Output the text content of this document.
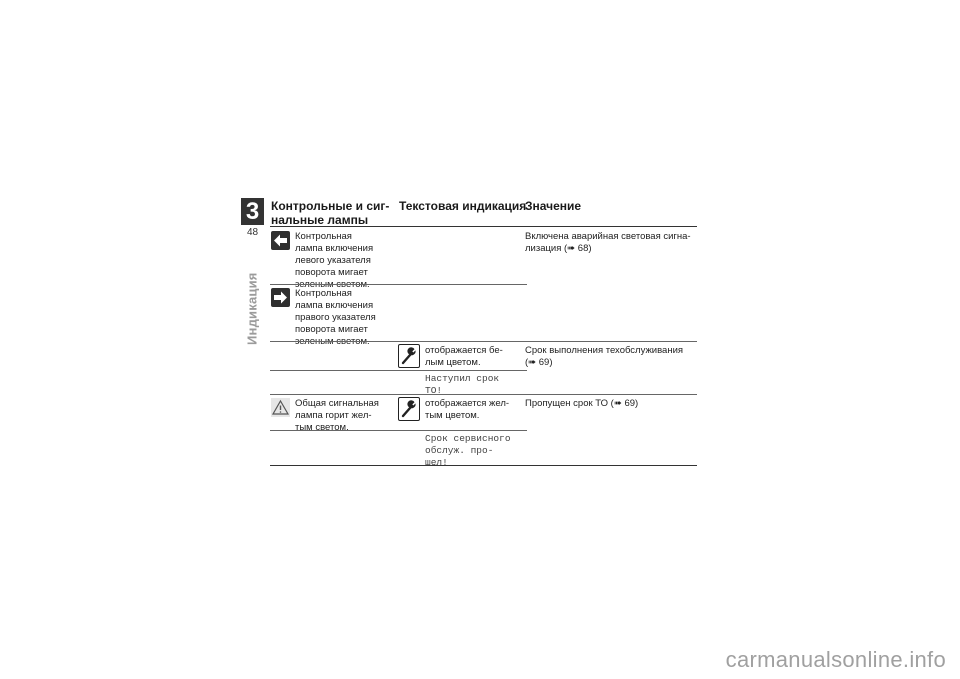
3
48
Индикация
Контрольные и сиг-
нальные лампы
Текстовая индикация
Значение
Контрольная
лампа включения
левого указателя
поворота мигает
зеленым светом.
Включена аварийная световая сигна-
лизация (➠ 68)
Контрольная
лампа включения
правого указателя
поворота мигает
зеленым светом.
отображается бе-
лым цветом.
Срок выполнения техобслуживания
(➠ 69)
Наступил срок
ТО!
Общая сигнальная
лампа горит жел-
тым светом.
отображается жел-
тым цветом.
Пропущен срок ТО (➠ 69)
Срок сервисного
обслуж. про-
шел!
carmanualsonline.info
